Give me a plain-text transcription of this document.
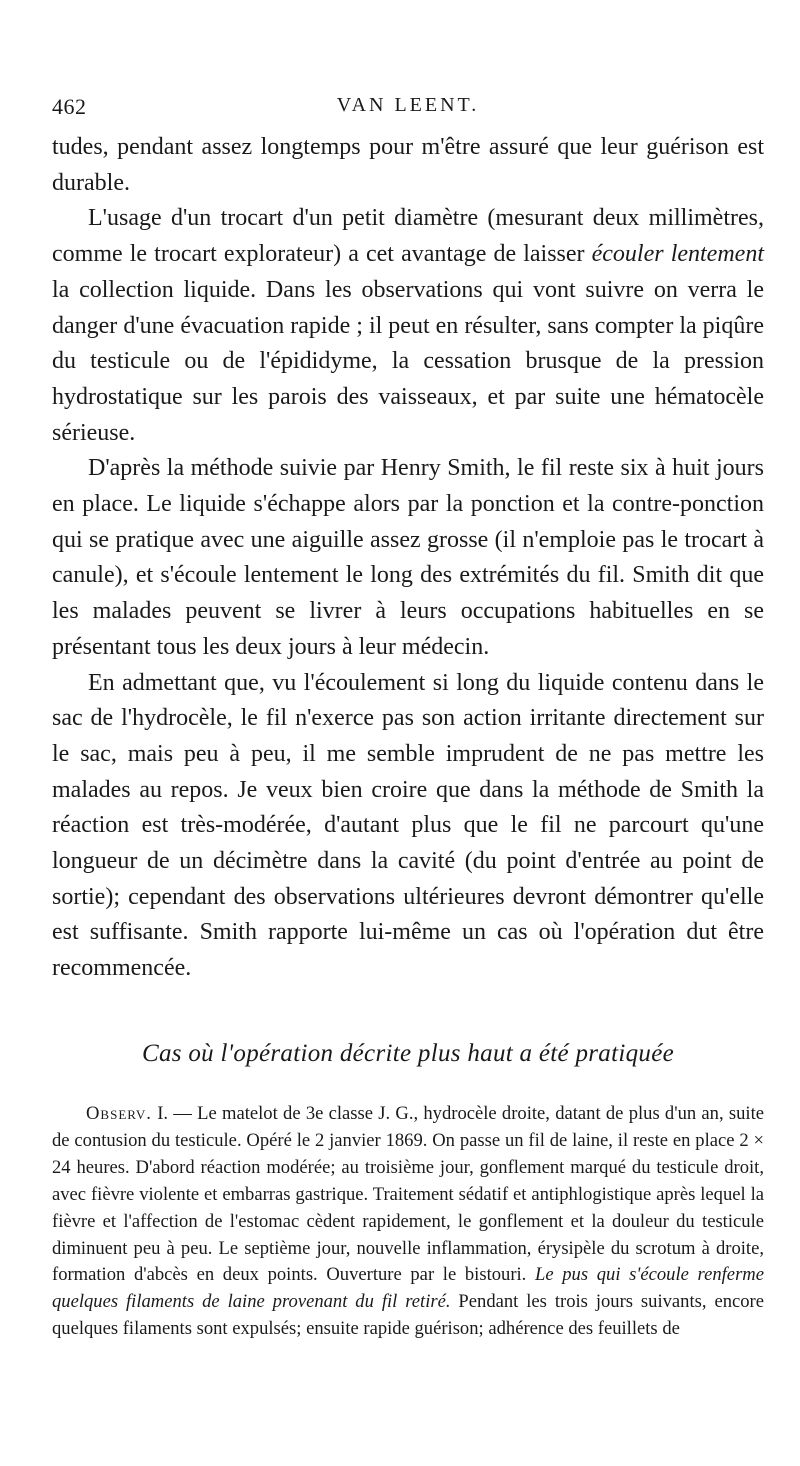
462	VAN LEENT.

tudes, pendant assez longtemps pour m'être assuré que leur guérison est durable.

L'usage d'un trocart d'un petit diamètre (mesurant deux millimètres, comme le trocart explorateur) a cet avantage de laisser écouler lentement la collection liquide. Dans les observations qui vont suivre on verra le danger d'une évacuation rapide ; il peut en résulter, sans compter la piqûre du testicule ou de l'épididyme, la cessation brusque de la pression hydrostatique sur les parois des vaisseaux, et par suite une hématocèle sérieuse.

D'après la méthode suivie par Henry Smith, le fil reste six à huit jours en place. Le liquide s'échappe alors par la ponction et la contre-ponction qui se pratique avec une aiguille assez grosse (il n'emploie pas le trocart à canule), et s'écoule lentement le long des extrémités du fil. Smith dit que les malades peuvent se livrer à leurs occupations habituelles en se présentant tous les deux jours à leur médecin.

En admettant que, vu l'écoulement si long du liquide contenu dans le sac de l'hydrocèle, le fil n'exerce pas son action irritante directement sur le sac, mais peu à peu, il me semble imprudent de ne pas mettre les malades au repos. Je veux bien croire que dans la méthode de Smith la réaction est très-modérée, d'autant plus que le fil ne parcourt qu'une longueur de un décimètre dans la cavité (du point d'entrée au point de sortie); cependant des observations ultérieures devront démontrer qu'elle est suffisante. Smith rapporte lui-même un cas où l'opération dut être recommencée.

Cas où l'opération décrite plus haut a été pratiquée

Observ. I. — Le matelot de 3e classe J. G., hydrocèle droite, datant de plus d'un an, suite de contusion du testicule. Opéré le 2 janvier 1869. On passe un fil de laine, il reste en place 2 × 24 heures. D'abord réaction modérée; au troisième jour, gonflement marqué du testicule droit, avec fièvre violente et embarras gastrique. Traitement sédatif et antiphlogistique après lequel la fièvre et l'affection de l'estomac cèdent rapidement, le gonflement et la douleur du testicule diminuent peu à peu. Le septième jour, nouvelle inflammation, érysipèle du scrotum à droite, formation d'abcès en deux points. Ouverture par le bistouri. Le pus qui s'écoule renferme quelques filaments de laine provenant du fil retiré. Pendant les trois jours suivants, encore quelques filaments sont expulsés; ensuite rapide guérison; adhérence des feuillets de
